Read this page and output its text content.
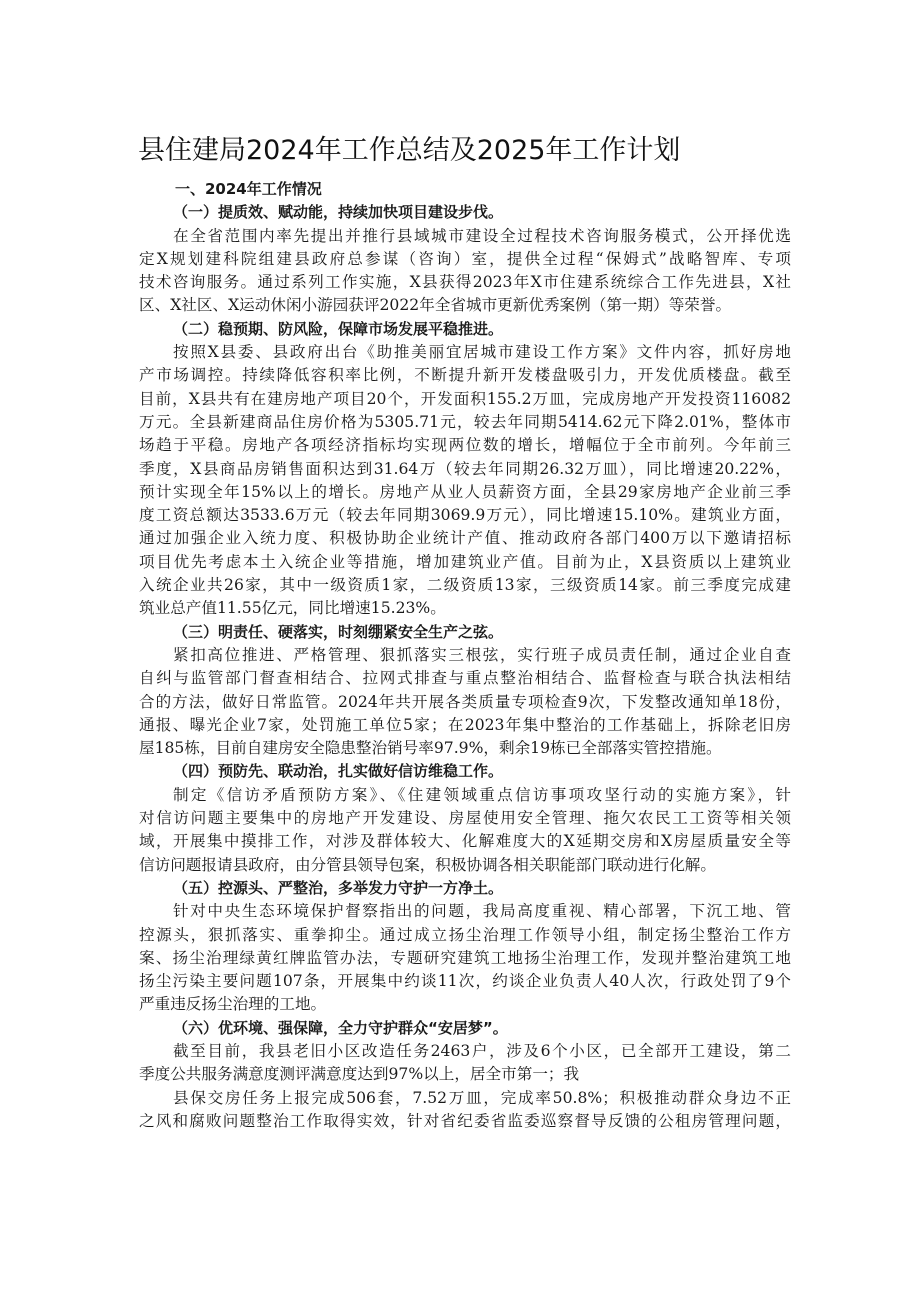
县住建局2024年工作总结及2025年工作计划
一、2024年工作情况
（一）提质效、赋动能，持续加快项目建设步伐。
在全省范围内率先提出并推行县域城市建设全过程技术咨询服务模式，公开择优选
定X规划建科院组建县政府总参谋（咨询）室，提供全过程“保姆式”战略智库、专项
技术咨询服务。通过系列工作实施，X县获得2023年X市住建系统综合工作先进县，X社
区、X社区、X运动休闲小游园获评2022年全省城市更新优秀案例（第一期）等荣誉。
（二）稳预期、防风险，保障市场发展平稳推进。
按照X县委、县政府出台《助推美丽宜居城市建设工作方案》文件内容，抓好房地
产市场调控。持续降低容积率比例，不断提升新开发楼盘吸引力，开发优质楼盘。截至
目前，X县共有在建房地产项目20个，开发面积155.2万皿，完成房地产开发投资116082
万元。全县新建商品住房价格为5305.71元，较去年同期5414.62元下降2.01%，整体市
场趋于平稳。房地产各项经济指标均实现两位数的增长，增幅位于全市前列。今年前三
季度，X县商品房销售面积达到31.64万（较去年同期26.32万皿），同比增速20.22%，
预计实现全年15%以上的增长。房地产从业人员薪资方面，全县29家房地产企业前三季
度工资总额达3533.6万元（较去年同期3069.9万元），同比增速15.10%。建筑业方面，
通过加强企业入统力度、积极协助企业统计产值、推动政府各部门400万以下邀请招标
项目优先考虑本土入统企业等措施，增加建筑业产值。目前为止，X县资质以上建筑业
入统企业共26家，其中一级资质1家，二级资质13家，三级资质14家。前三季度完成建
筑业总产值11.55亿元，同比增速15.23%。
（三）明责任、硬落实，时刻绷紧安全生产之弦。
紧扣高位推进、严格管理、狠抓落实三根弦，实行班子成员责任制，通过企业自查
自纠与监管部门督查相结合、拉网式排查与重点整治相结合、监督检查与联合执法相结
合的方法，做好日常监管。2024年共开展各类质量专项检查9次，下发整改通知单18份，
通报、曝光企业7家，处罚施工单位5家；在2023年集中整治的工作基础上，拆除老旧房
屋185栋，目前自建房安全隐患整治销号率97.9%，剩余19栋已全部落实管控措施。
（四）预防先、联动治，扎实做好信访维稳工作。
制定《信访矛盾预防方案》、《住建领域重点信访事项攻坚行动的实施方案》，针
对信访问题主要集中的房地产开发建设、房屋使用安全管理、拖欠农民工工资等相关领
域，开展集中摸排工作，对涉及群体较大、化解难度大的X延期交房和X房屋质量安全等
信访问题报请县政府，由分管县领导包案，积极协调各相关职能部门联动进行化解。
（五）控源头、严整治，多举发力守护一方净土。
针对中央生态环境保护督察指出的问题，我局高度重视、精心部署，下沉工地、管
控源头，狠抓落实、重拳抑尘。通过成立扬尘治理工作领导小组，制定扬尘整治工作方
案、扬尘治理绿黄红牌监管办法，专题研究建筑工地扬尘治理工作，发现并整治建筑工地
扬尘污染主要问题107条，开展集中约谈11次，约谈企业负责人40人次，行政处罚了9个
严重违反扬尘治理的工地。
（六）优环境、强保障，全力守护群众“安居梦”。
截至目前，我县老旧小区改造任务2463户，涉及6个小区，已全部开工建设，第二
季度公共服务满意度测评满意度达到97%以上，居全市第一；我
县保交房任务上报完成506套，7.52万皿，完成率50.8%；积极推动群众身边不正
之风和腐败问题整治工作取得实效，针对省纪委省监委巡察督导反馈的公租房管理问题，
